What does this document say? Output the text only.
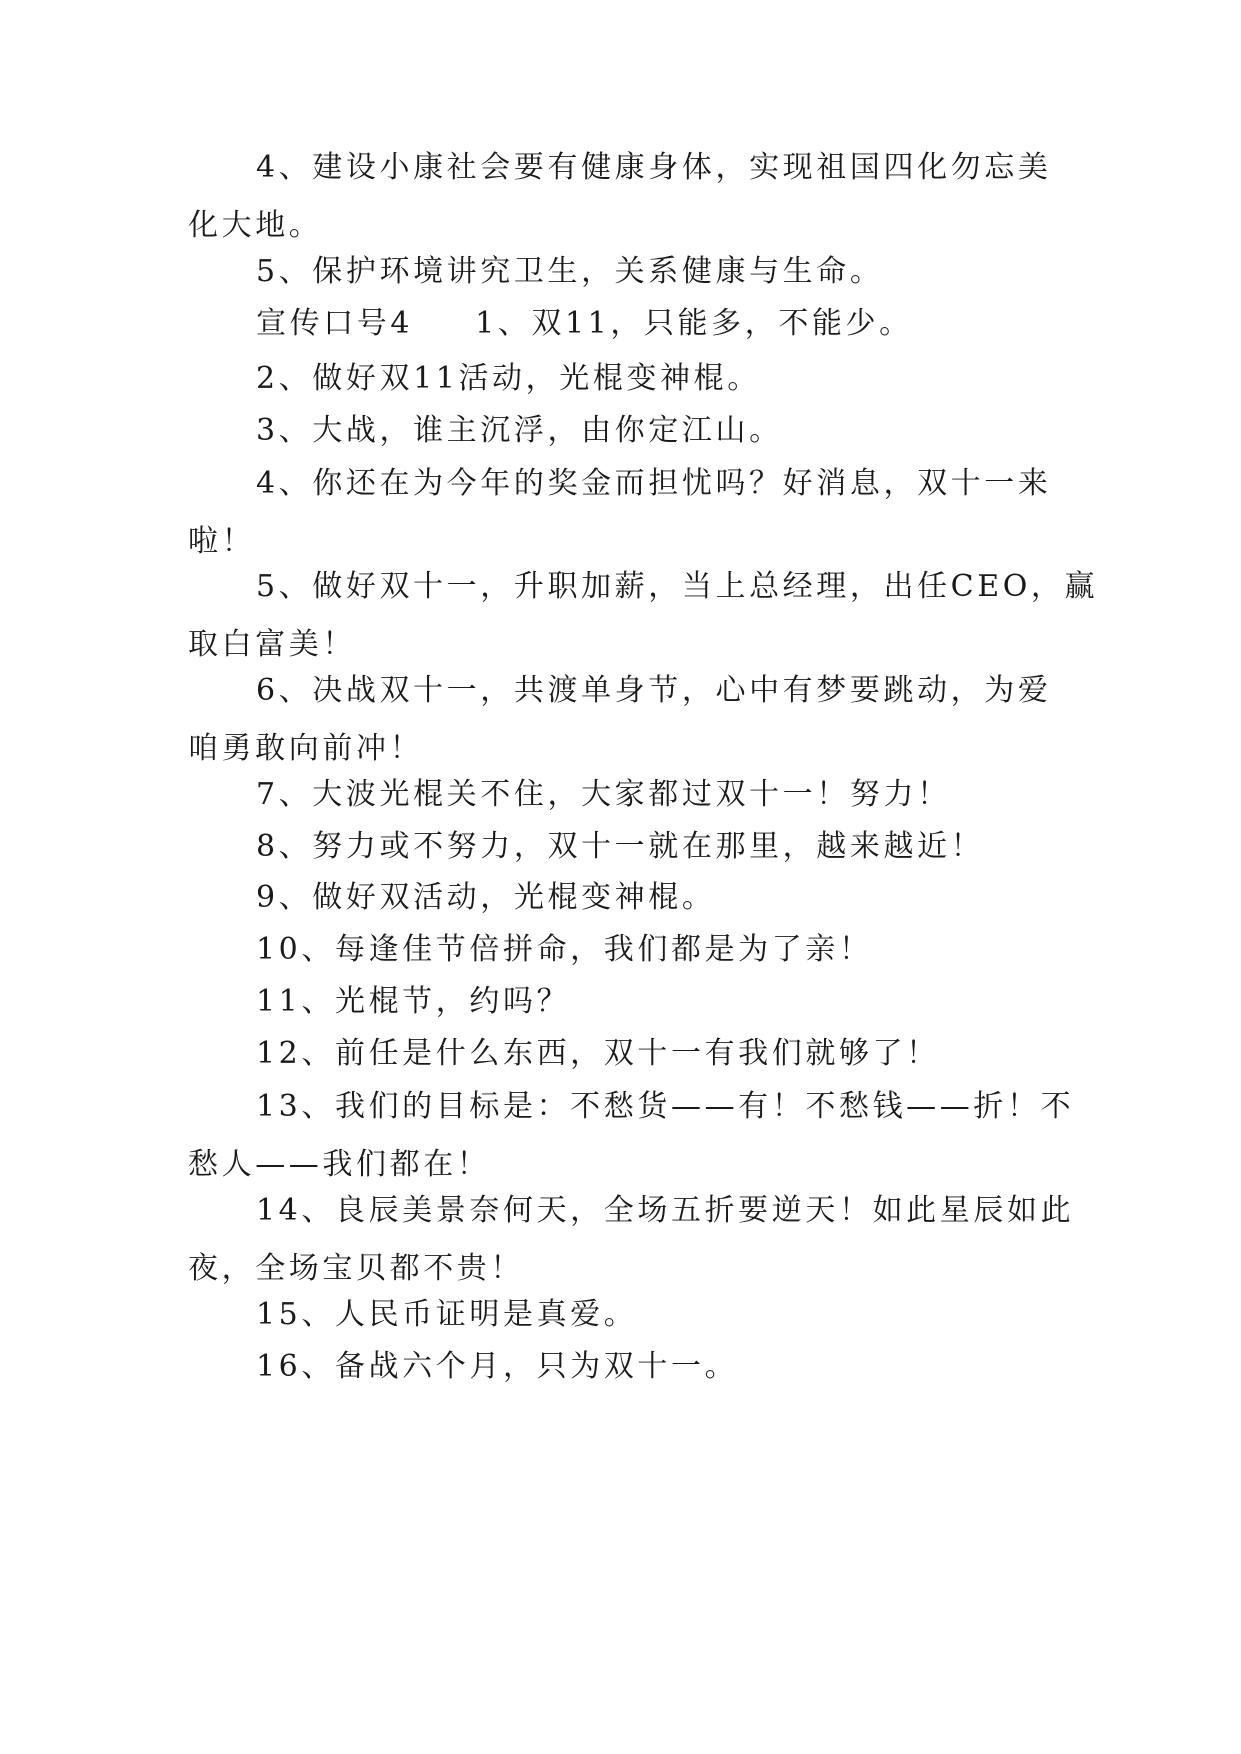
4、建设小康社会要有健康身体，实现祖国四化勿忘美
化大地。

5、保护环境讲究卫生，关系健康与生命。

宣传口号4 1、双11，只能多，不能少。

2、做好双11活动，光棍变神棍。

3、大战，谁主沉浮，由你定江山。

4、你还在为今年的奖金而担忧吗？好消息，双十一来
啦！

5、做好双十一，升职加薪，当上总经理，出任CEO，赢
取白富美！

6、决战双十一，共渡单身节，心中有梦要跳动，为爱
咱勇敢向前冲！

7、大波光棍关不住，大家都过双十一！努力！

8、努力或不努力，双十一就在那里，越来越近！

9、做好双活动，光棍变神棍。

10、每逢佳节倍拼命，我们都是为了亲！

11、光棍节，约吗？

12、前任是什么东西，双十一有我们就够了！

13、我们的目标是：不愁货——有！不愁钱——折！不
愁人——我们都在！

14、良辰美景奈何天，全场五折要逆天！如此星辰如此
夜，全场宝贝都不贵！

15、人民币证明是真爱。

16、备战六个月，只为双十一。
